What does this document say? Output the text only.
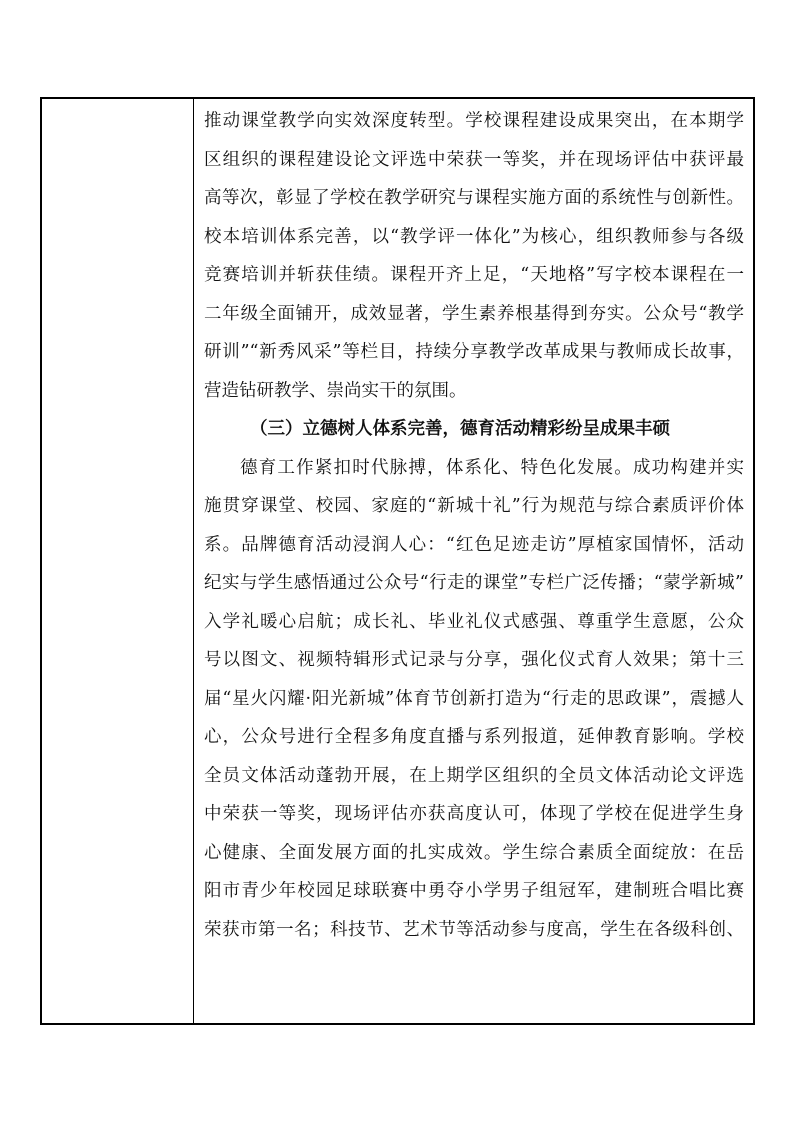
推动课堂教学向实效深度转型。学校课程建设成果突出，在本期学
区组织的课程建设论文评选中荣获一等奖，并在现场评估中获评最
高等次，彰显了学校在教学研究与课程实施方面的系统性与创新性。
校本培训体系完善，以“教学评一体化”为核心，组织教师参与各级
竞赛培训并斩获佳绩。课程开齐上足，“天地格”写字校本课程在一
二年级全面铺开，成效显著，学生素养根基得到夯实。公众号“教学
研训”“新秀风采”等栏目，持续分享教学改革成果与教师成长故事，
营造钻研教学、崇尚实干的氛围。
（三）立德树人体系完善，德育活动精彩纷呈成果丰硕
德育工作紧扣时代脉搏，体系化、特色化发展。成功构建并实
施贯穿课堂、校园、家庭的“新城十礼”行为规范与综合素质评价体
系。品牌德育活动浸润人心：“红色足迹走访”厚植家国情怀，活动
纪实与学生感悟通过公众号“行走的课堂”专栏广泛传播；“蒙学新城”
入学礼暖心启航；成长礼、毕业礼仪式感强、尊重学生意愿，公众
号以图文、视频特辑形式记录与分享，强化仪式育人效果；第十三
届“星火闪耀·阳光新城”体育节创新打造为“行走的思政课”，震撼人
心，公众号进行全程多角度直播与系列报道，延伸教育影响。学校
全员文体活动蓬勃开展，在上期学区组织的全员文体活动论文评选
中荣获一等奖，现场评估亦获高度认可，体现了学校在促进学生身
心健康、全面发展方面的扎实成效。学生综合素质全面绽放：在岳
阳市青少年校园足球联赛中勇夺小学男子组冠军，建制班合唱比赛
荣获市第一名；科技节、艺术节等活动参与度高，学生在各级科创、
